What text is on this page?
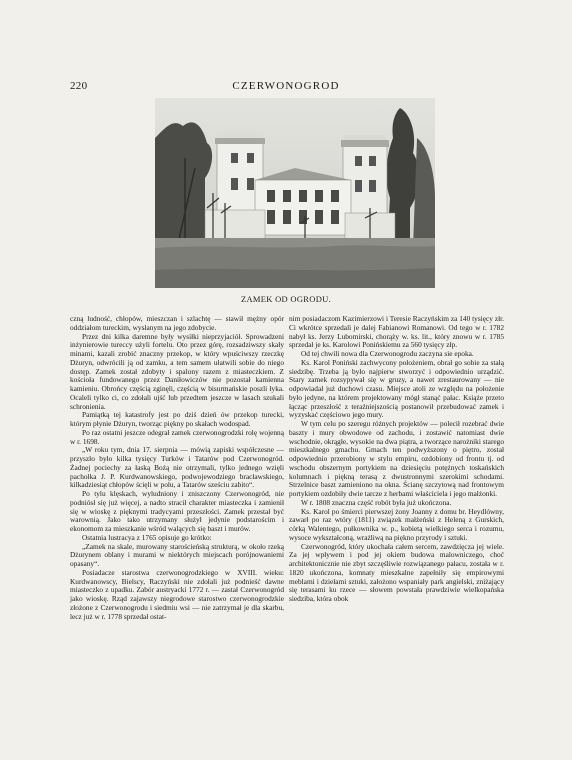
220	CZERWONOGROD
ZAMEK OD OGRODU.

czną ludność, chłopów, mieszczan i szlachtę — stawił mężny opór oddziałom tureckim, wysłanym na jego zdobycie.

Przez dni kilka daremne były wysiłki nieprzyjaciół. Sprowadzeni inżynierowie tureccy użyli fortelu. Oto przez górę, rozsadziwszy skały minami, kazali zrobić znaczny przekop, w który wpuściwszy rzeczkę Dżuryn, odwrócili ją od zamku, a tem samem ułatwili sobie do niego dostęp. Zamek został zdobyty i spalony razem z miasteczkiem. Z kościoła fundowanego przez Daniłowiczów nie pozostał kamienna kamieniu. Obrońcy częścią zginęli, częścią w bisurmańskie poszli łyka. Ocaleli tylko ci, co zdołali ujść lub przedtem jeszcze w lasach szukali schronienia.

Pamiątką tej katastrofy jest po dziś dzień ów przekop turecki, którym płynie Dżuryn, tworząc piękny po skałach wodospad.

Po raz ostatni jeszcze odegrał zamek czerwonogrodzki rolę wojenną w r. 1698.

„W roku tym, dnia 17. sierpnia — mówią zapiski współczesne — przyszło było kilka tysięcy Turków i Tatarów pod Czerwonogród. Żadnej pociechy za łaską Bożą nie otrzymali, tylko jednego wzięli pachołka J. P. Kurdwanowskiego, podwojewodziego bracławskiego, kilkadziesiąt chłopów ścięli w polu, a Tatarów sześciu zabito“.

Po tylu klęskach, wyludniony i zniszczony Czerwonogród, nie podniósł się już więcej, a nadto stracił charakter miasteczka i zamienił się w wioskę z pięknymi tradycyami przeszłości. Zamek przestał być warownią. Jako tako utrzymany służył jedynie podstarościm i ekonomom za mieszkanie wśród walących się baszt i murów.

Ostatnia lustracya z 1765 opisuje go krótko:

„Zamek na skale, murowany starościeńską strukturą, w około rzeką Dżurynem oblany i murami w niektórych miejscach porójnowaniemi opasany“.

Posiadacze starostwa czerwonogrodzkiego w XVIII. wieku: Kurdwanowscy, Bielscy, Raczyński nie zdołali już podnieść dawne miasteczko z upadku. Zabór austryacki 1772 r. — zastał Czerwonogród jako wioskę. Rząd zajawszy niegrodowe starostwo czerwonogrodzkie złożone z Czerwonogrodu i siedmiu wsi — nie zatrzymał je dla skarbu, lecz już w r. 1778 sprzedał ostat-

nim posiadaczom Kazimierzowi i Teresie Raczyńskim za 140 tysięcy złr. Ci wkrótce sprzedali je dalej Fabianowi Romanowi. Od tego w r. 1782 nabył ks. Jerzy Lubomirski, chorąży w. ks. lit., który znowu w r. 1785 sprzedał je ks. Karolowi Ponińskiemu za 560 tysięcy złp.

Od tej chwili nowa dla Czerwonogrodu zaczyna sie epoka.

Ks. Karol Poniński zachwycony położeniem, obrał go sobie za stałą siedzibę. Trzeba ją było najpierw stworzyć i odpowiednio urządzić. Stary zamek rozsypywał się w gruzy, a nawet zrestaurowany — nie odpowiadał już duchowi czasu. Miejsce atoli ze względu na położenie było jedyne, na którem projektowany mógł stanąć pałac. Książe przeto łącząc przeszłość z teraźniejszością postanowił przebudować zamek i wyzyskać częściowo jego mury.

W tym celu po szeregu różnych projektów — polecił rozebrać dwie baszty i mury obwodowe od zachodu, i zostawić natomiast dwie wschodnie, okrągłe, wysokie na dwa piątra, a tworzące narożniki starego mieszkalnego gmachu. Gmach ten podwyższony o piętro, został odpowiednio przerobiony w stylu empiru, ozdobiony od frontu tj. od wschodu obszernym portykiem na dziesięciu potężnych toskańskich kolumnach i piękną terasą z dwustronnymi szerokimi schodami. Strzelnice baszt zamieniono na okna. Ścianę szczytową nad frontowym portykiem ozdobiły dwie tarcze z herbami właściciela i jego małżonki.

W r. 1808 znaczna część robót była już ukończona.

Ks. Karol po śmierci pierwszej żony Joanny z domu br. Heydlówny, zawarł po raz wtóry (1811) związek małżeński z Heleną z Gurskich, córką Walentego, pułkownika w. p., kobietą wielkiego serca i rozumu, wysoce wykształconą, wrażliwą na piękno przyrody i sztuki.

Czerwonogród, który ukochała całem sercem, zawdzięcza jej wiele. Za jej wpływem i pod jej okiem budowa malowniczego, choć architektonicznie nie zbyt szczęśliwie rozwiązanego pałacu, została w r. 1820 ukończona, komnaty mieszkalne zapełniły się empirowymi meblami i dziełami sztuki, założono wspaniały park angielski, zniżający się terasami ku rzece — słowem powstała prawdziwie wielkopańska siedziba, która obok
